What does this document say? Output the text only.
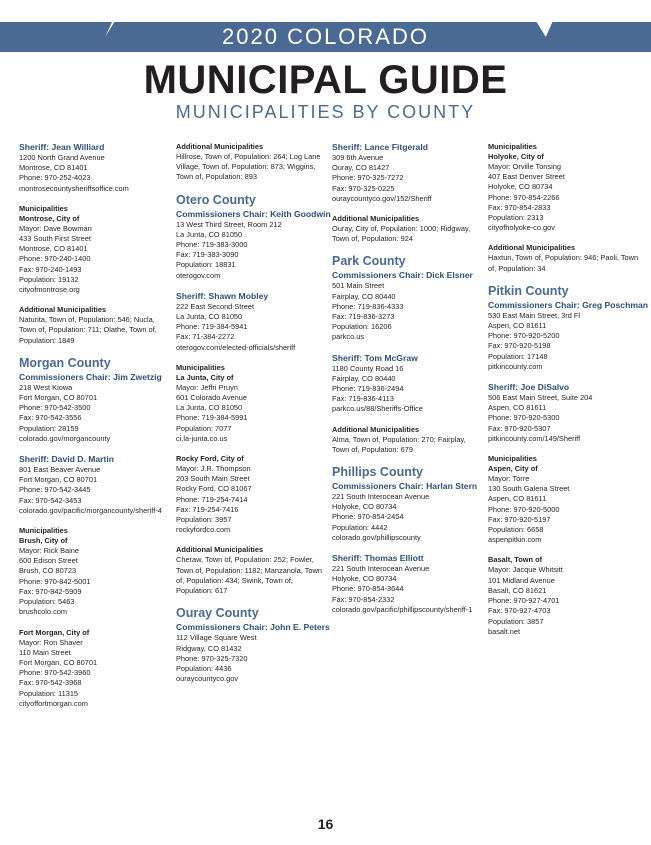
2020 COLORADO
MUNICIPAL GUIDE
MUNICIPALITIES BY COUNTY
Sheriff: Jean Williard
1200 North Grand Avenue
Montrose, CO 81401
Phone: 970-252-4023
montrosecountysheriffsoffice.com
Municipalities
Montrose, City of
Mayor: Dave Bowman
433 South First Street
Montrose, CO 81401
Phone: 970-240-1400
Fax: 970-240-1493
Population: 19132
cityofmontrose.org
Additional Municipalities
Naturita, Town of, Population: 546; Nucla, Town of, Population: 711; Olathe, Town of, Population: 1849
Morgan County
Commissioners Chair: Jim Zwetzig
218 West Kiowa
Fort Morgan, CO 80701
Phone: 970-542-3500
Fax: 970-542-3556
Population: 28159
colorado.gov/morgancounty
Sheriff: David D. Martin
801 East Beaver Avenue
Fort Morgan, CO 80701
Phone: 970-542-3445
Fax: 970-542-3453
colorado.gov/pacific/morgancounty/sheriff-4
Municipalities
Brush, City of
Mayor: Rick Baine
600 Edison Street
Brush, CO 80723
Phone: 970-842-5001
Fax: 970-842-5909
Population: 5463
brushcolo.com
Fort Morgan, City of
Mayor: Ron Shaver
110 Main Street
Fort Morgan, CO 80701
Phone: 970-542-3960
Fax: 970-542-3968
Population: 11315
cityoffortmorgan.com
Additional Municipalities
Hillrose, Town of, Population: 264; Log Lane Village, Town of, Population: 873; Wiggins, Town of, Population: 893
Otero County
Commissioners Chair: Keith Goodwin
13 West Third Street, Room 212
La Junta, CO 81050
Phone: 719-383-3000
Fax: 719-383-3090
Population: 18831
oterogov.com
Sheriff: Shawn Mobley
222 East Second Street
La Junta, CO 81050
Phone: 719-384-5941
Fax: 71-384-2272
oterogov.com/elected-officials/sheriff
Municipalities
La Junta, City of
Mayor: Jeffri Pruyn
601 Colorado Avenue
La Junta, CO 81050
Phone: 719-384-5991
Population: 7077
ci.la-junta.co.us
Rocky Ford, City of
Mayor: J.R. Thompson
203 South Main Street
Rocky Ford, CO 81067
Phone: 719-254-7414
Fax: 719-254-7416
Population: 3957
rockyfordco.com
Additional Municipalities
Cheraw, Town of, Population: 252; Fowler, Town of, Population: 1182; Manzanola, Town of, Population: 434; Swink, Town of, Population: 617
Ouray County
Commissioners Chair: John E. Peters
112 Village Square West
Ridgway, CO 81432
Phone: 970-325-7320
Population: 4436
ouraycountyco.gov
Sheriff: Lance Fitgerald
309 6th Avenue
Ouray, CO 81427
Phone: 970-325-7272
Fax: 970-325-0225
ouraycountyco.gov/152/Sheriff
Additional Municipalities
Ouray, City of, Population: 1000; Ridgway, Town of, Population: 924
Park County
Commissioners Chair: Dick Elsner
501 Main Street
Fairplay, CO 80440
Phone: 719-836-4333
Fax: 719-836-3273
Population: 16206
parkco.us
Sheriff: Tom McGraw
1180 County Road 16
Fairplay, CO 80440
Phone: 719-836-2494
Fax: 719-836-4113
parkco.us/88/Sheriffs-Office
Additional Municipalities
Alma, Town of, Population: 270; Fairplay, Town of, Population: 679
Phillips County
Commissioners Chair: Harlan Stern
221 South Interocean Avenue
Holyoke, CO 80734
Phone: 970-854-2454
Population: 4442
colorado.gov/phillipscounty
Sheriff: Thomas Elliott
221 South Interocean Avenue
Holyoke, CO 80734
Phone: 970-854-3644
Fax: 970-854-2332
colorado.gov/pacific/phillipscounty/sheriff-1
Municipalities
Holyoke, City of
Mayor: Orville Tonsing
407 East Denver Street
Holyoke, CO 80734
Phone: 970-854-2266
Fax: 970-854-2833
Population: 2313
cityofholyoke-co.gov
Additional Municipalities
Haxtun, Town of, Population: 946; Paoli, Town of, Population: 34
Pitkin County
Commissioners Chair: Greg Poschman
530 East Main Street, 3rd Fl
Aspen, CO 81611
Phone: 970-920-5200
Fax: 970-920-5198
Population: 17148
pitkincounty.com
Sheriff: Joe DiSalvo
506 East Main Street, Suite 204
Aspen, CO 81611
Phone: 970-920-5300
Fax: 970-920-5307
pitkincounty.com/149/Sheriff
Municipalities
Aspen, City of
Mayor: Torre
130 South Galena Street
Aspen, CO 81611
Phone: 970-920-5000
Fax: 970-920-5197
Population: 6658
aspenpitkin.com
Basalt, Town of
Mayor: Jacque Whitsitt
101 Midland Avenue
Basalt, CO 81621
Phone: 970-927-4701
Fax: 970-927-4703
Population: 3857
basalt.net
16
